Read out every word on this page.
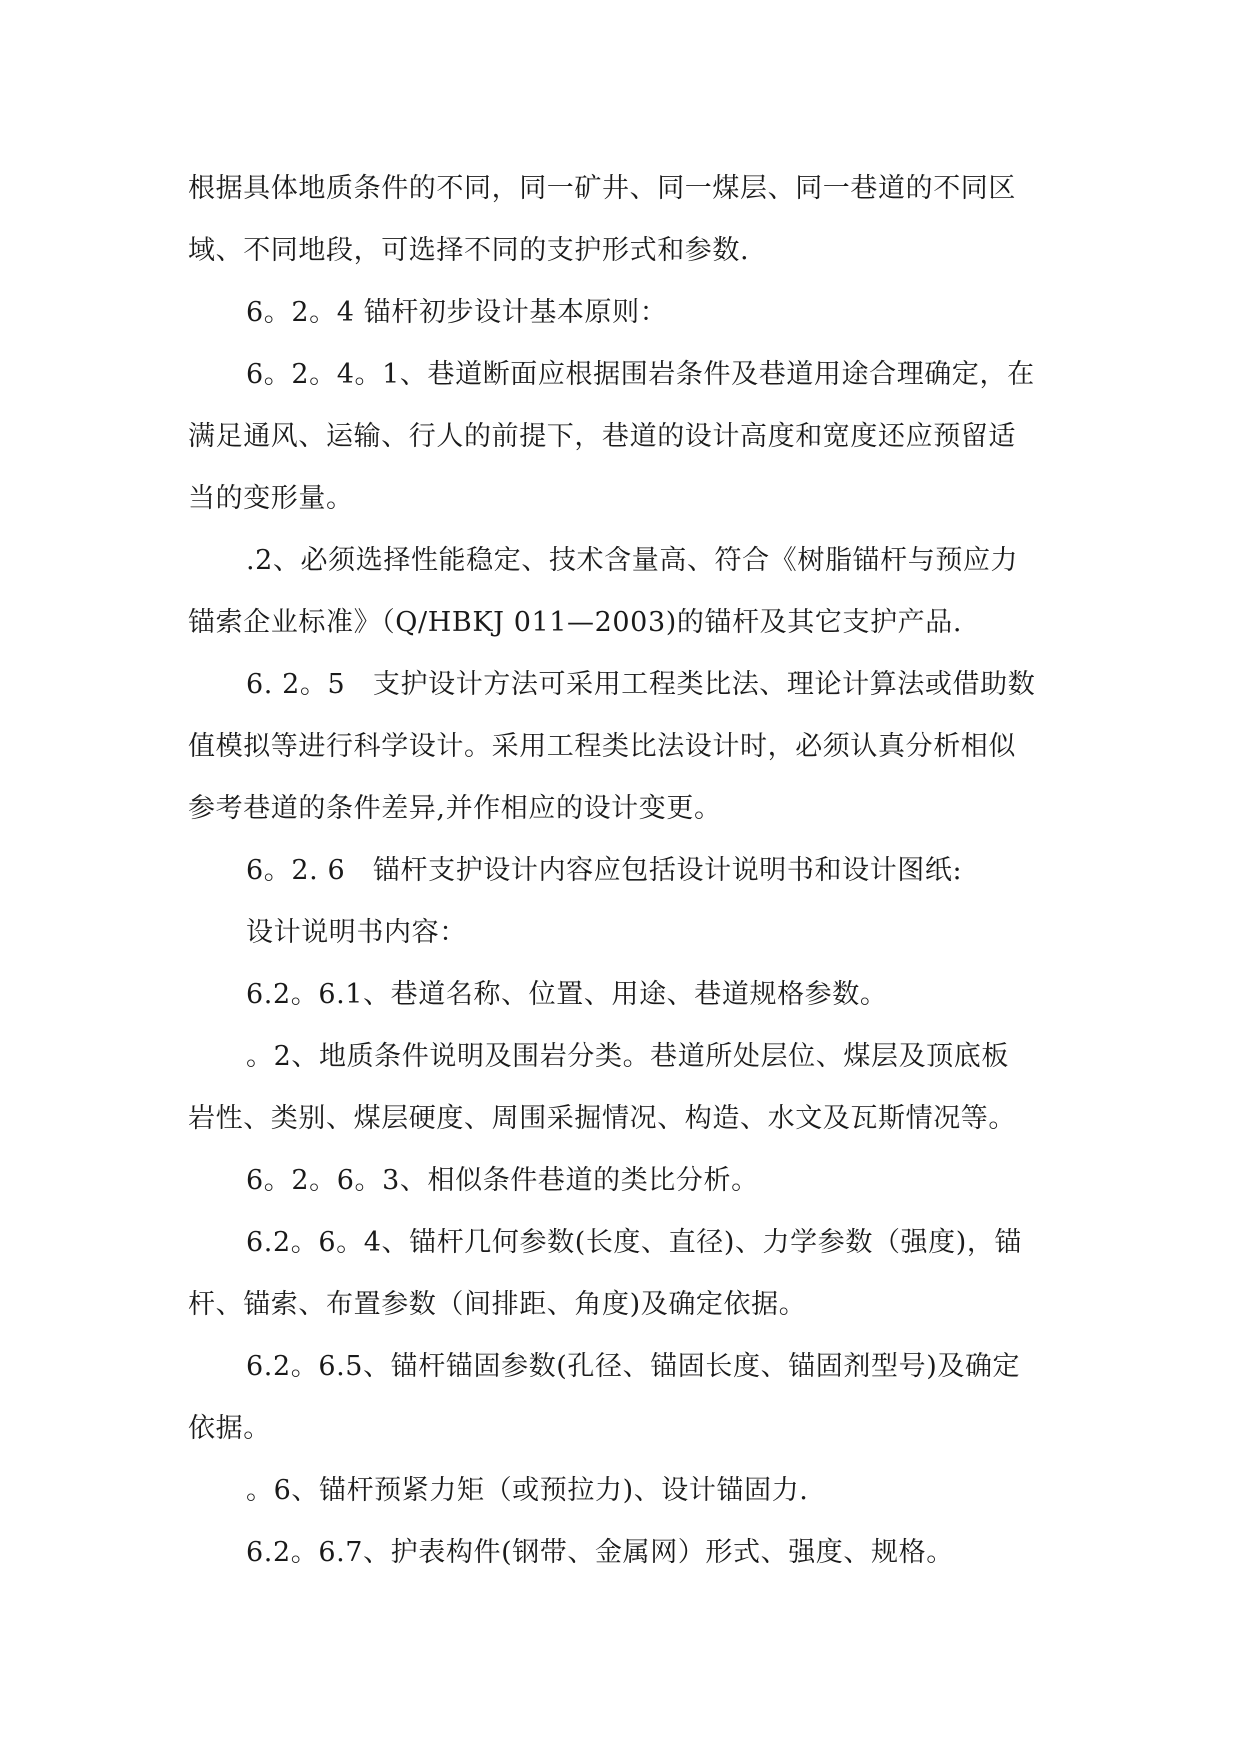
根据具体地质条件的不同，同一矿井、同一煤层、同一巷道的不同区
域、不同地段，可选择不同的支护形式和参数.

6。2。4 锚杆初步设计基本原则：

6。2。4。1、巷道断面应根据围岩条件及巷道用途合理确定，在
满足通风、运输、行人的前提下，巷道的设计高度和宽度还应预留适
当的变形量。

.2、必须选择性能稳定、技术含量高、符合《树脂锚杆与预应力
锚索企业标准》（Q/HBKJ 011—2003)的锚杆及其它支护产品.

6. 2。5　支护设计方法可采用工程类比法、理论计算法或借助数
值模拟等进行科学设计。采用工程类比法设计时，必须认真分析相似
参考巷道的条件差异,并作相应的设计变更。

6。2. 6　锚杆支护设计内容应包括设计说明书和设计图纸:

设计说明书内容：

6.2。6.1、巷道名称、位置、用途、巷道规格参数。

。2、地质条件说明及围岩分类。巷道所处层位、煤层及顶底板
岩性、类别、煤层硬度、周围采掘情况、构造、水文及瓦斯情况等。

6。2。6。3、相似条件巷道的类比分析。

6.2。6。4、锚杆几何参数(长度、直径)、力学参数（强度)，锚
杆、锚索、布置参数（间排距、角度)及确定依据。

6.2。6.5、锚杆锚固参数(孔径、锚固长度、锚固剂型号)及确定
依据。

。6、锚杆预紧力矩（或预拉力)、设计锚固力.

6.2。6.7、护表构件(钢带、金属网）形式、强度、规格。
